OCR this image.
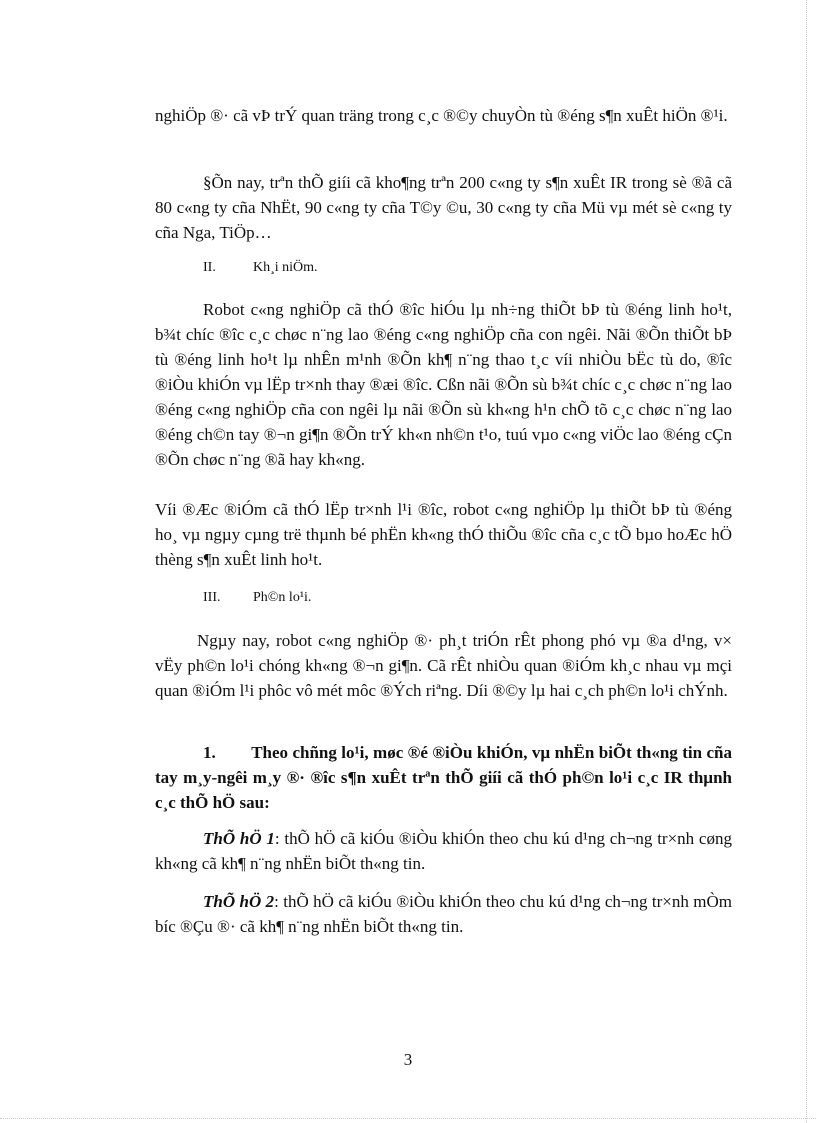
nghiÖp ®· cã vÞ trÝ quan träng trong c¸c ®©y chuyÒn tù ®éng s¶n xuÊt hiÖn ®¹i.

§Õn nay, trªn thÕ giíi cã kho¶ng trªn 200 c«ng ty s¶n xuÊt IR trong sè ®ã cã 80 c«ng ty cña NhËt, 90 c«ng ty cña T©y ©u, 30 c«ng ty cña Mü vµ mét sè c«ng ty cña Nga, TiÖp…

II.	Kh¸i niÖm.

Robot c«ng nghiÖp cã thÓ ®îc hiÓu lµ nh÷ng thiÕt bÞ tù ®éng linh ho¹t, b¾t chíc ®îc c¸c chøc n¨ng lao ®éng c«ng nghiÖp cña con ngêi. Nãi ®Õn thiÕt bÞ tù ®éng linh ho¹t lµ nhÊn m¹nh ®Õn kh¶ n¨ng thao t¸c víi nhiÒu bËc tù do, ®îc ®iÒu khiÓn vµ lËp tr×nh thay ®æi ®îc. Cßn nãi ®Õn sù b¾t chíc c¸c chøc n¨ng lao ®éng c«ng nghiÖp cña con ngêi lµ nãi ®Õn sù kh«ng h¹n chÕ tõ c¸c chøc n¨ng lao ®éng ch©n tay ®¬n gi¶n ®Õn trÝ kh«n nh©n t¹o, tuú vµo c«ng viÖc lao ®éng cÇn ®Õn chøc n¨ng ®ã hay kh«ng.

Víi ®Æc ®iÓm cã thÓ lËp tr×nh l¹i ®îc, robot c«ng nghiÖp lµ thiÕt bÞ tù ®éng ho¸ vµ ngµy cµng trë thµnh bé phËn kh«ng thÓ thiÕu ®îc cña c¸c tÕ bµo hoÆc hÖ thèng s¶n xuÊt linh ho¹t.

III. Ph©n lo¹i.

Ngµy nay, robot c«ng nghiÖp ®· ph¸t triÓn rÊt phong phó vµ ®a d¹ng, v× vËy ph©n lo¹i chóng kh«ng ®¬n gi¶n. Cã rÊt nhiÒu quan ®iÓm kh¸c nhau vµ mçi quan ®iÓm l¹i phôc vô mét môc ®Ých riªng. Díi ®©y lµ hai c¸ch ph©n lo¹i chÝnh.

1.        Theo chñng lo¹i, møc ®é ®iÒu khiÓn, vµ nhËn biÕt th«ng tin cña tay m¸y-ngêi m¸y ®· ®îc s¶n xuÊt trªn thÕ giíi cã thÓ ph©n lo¹i c¸c IR thµnh c¸c thÕ hÖ sau:

ThÕ hÖ 1: thÕ hÖ cã kiÓu ®iÒu khiÓn theo chu kú d¹ng ch¬ng tr×nh cøng kh«ng cã kh¶ n¨ng nhËn biÕt th«ng tin.

ThÕ hÖ 2: thÕ hÖ cã kiÓu ®iÒu khiÓn theo chu kú d¹ng ch¬ng tr×nh mÒm bíc ®Çu ®· cã kh¶ n¨ng nhËn biÕt th«ng tin.

3
